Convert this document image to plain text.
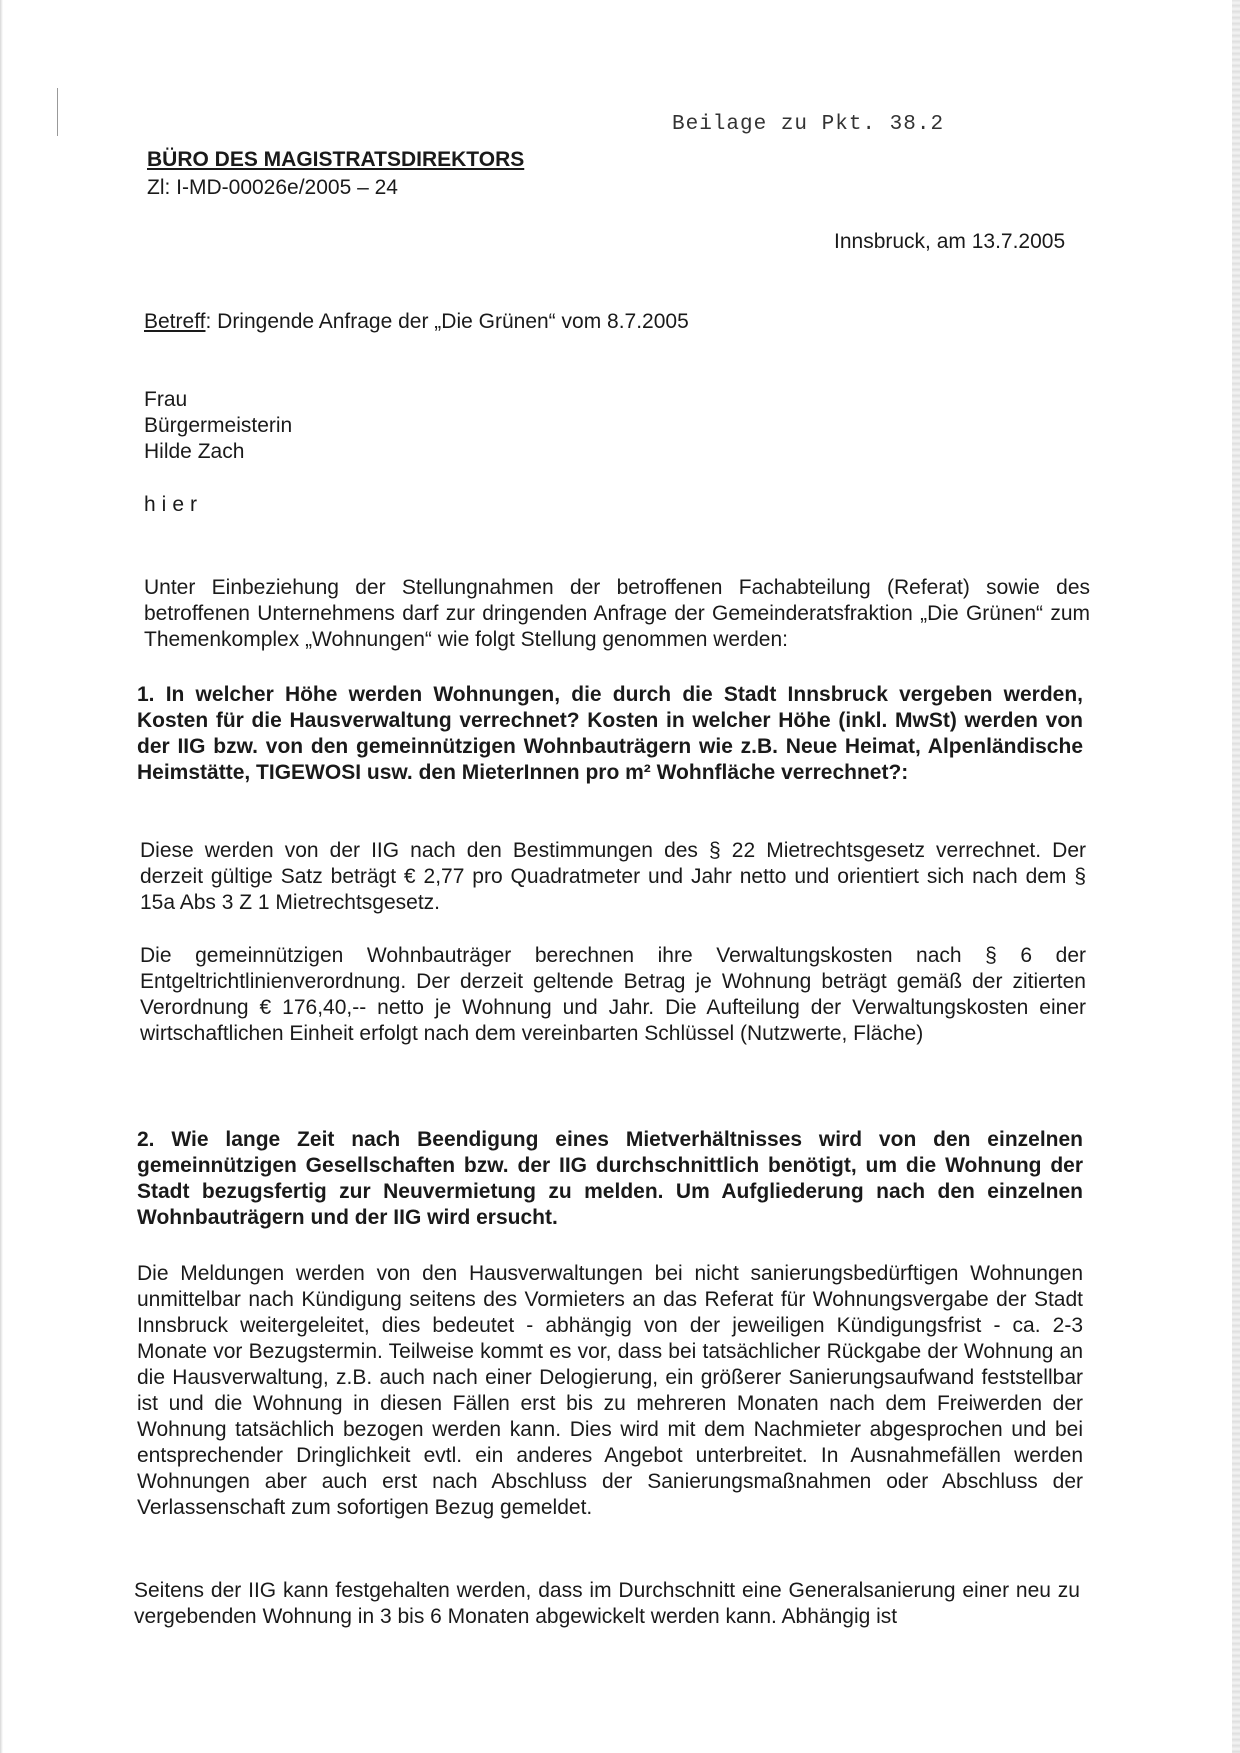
Beilage zu Pkt. 38.2
BÜRO DES MAGISTRATSDIREKTORS
Zl: I-MD-00026e/2005 – 24
Innsbruck, am 13.7.2005
Betreff: Dringende Anfrage der „Die Grünen“ vom 8.7.2005
Frau
Bürgermeisterin
Hilde Zach
hier
Unter Einbeziehung der Stellungnahmen der betroffenen Fachabteilung (Referat) sowie des betroffenen Unternehmens darf zur dringenden Anfrage der Gemeinderatsfraktion „Die Grünen“ zum Themenkomplex „Wohnungen“ wie folgt Stellung genommen werden:
1. In welcher Höhe werden Wohnungen, die durch die Stadt Innsbruck vergeben werden, Kosten für die Hausverwaltung verrechnet? Kosten in welcher Höhe (inkl. MwSt) werden von der IIG bzw. von den gemeinnützigen Wohnbauträgern wie z.B. Neue Heimat, Alpenländische Heimstätte, TIGEWOSI usw. den MieterInnen pro m² Wohnfläche verrechnet?:
Diese werden von der IIG nach den Bestimmungen des § 22 Mietrechtsgesetz verrechnet. Der derzeit gültige Satz beträgt € 2,77 pro Quadratmeter und Jahr netto und orientiert sich nach dem § 15a Abs 3 Z 1 Mietrechtsgesetz.
Die gemeinnützigen Wohnbauträger berechnen ihre Verwaltungskosten nach § 6 der Entgeltrichtlinienverordnung. Der derzeit geltende Betrag je Wohnung beträgt gemäß der zitierten Verordnung € 176,40,-- netto je Wohnung und Jahr. Die Aufteilung der Verwaltungskosten einer wirtschaftlichen Einheit erfolgt nach dem vereinbarten Schlüssel (Nutzwerte, Fläche)
2. Wie lange Zeit nach Beendigung eines Mietverhältnisses wird von den einzelnen gemeinnützigen Gesellschaften bzw. der IIG durchschnittlich benötigt, um die Wohnung der Stadt bezugsfertig zur Neuvermietung zu melden. Um Aufgliederung nach den einzelnen Wohnbauträgern und der IIG wird ersucht.
Die Meldungen werden von den Hausverwaltungen bei nicht sanierungsbedürftigen Wohnungen unmittelbar nach Kündigung seitens des Vormieters an das Referat für Wohnungsvergabe der Stadt Innsbruck weitergeleitet, dies bedeutet - abhängig von der jeweiligen Kündigungsfrist - ca. 2-3 Monate vor Bezugstermin. Teilweise kommt es vor, dass bei tatsächlicher Rückgabe der Wohnung an die Hausverwaltung, z.B. auch nach einer Delogierung, ein größerer Sanierungsaufwand feststellbar ist und die Wohnung in diesen Fällen erst bis zu mehreren Monaten nach dem Freiwerden der Wohnung tatsächlich bezogen werden kann. Dies wird mit dem Nachmieter abgesprochen und bei entsprechender Dringlichkeit evtl. ein anderes Angebot unterbreitet. In Ausnahmefällen werden Wohnungen aber auch erst nach Abschluss der Sanierungsmaßnahmen oder Abschluss der Verlassenschaft zum sofortigen Bezug gemeldet.
Seitens der IIG kann festgehalten werden, dass im Durchschnitt eine Generalsanierung einer neu zu vergebenden Wohnung in 3 bis 6 Monaten abgewickelt werden kann. Abhängig ist
